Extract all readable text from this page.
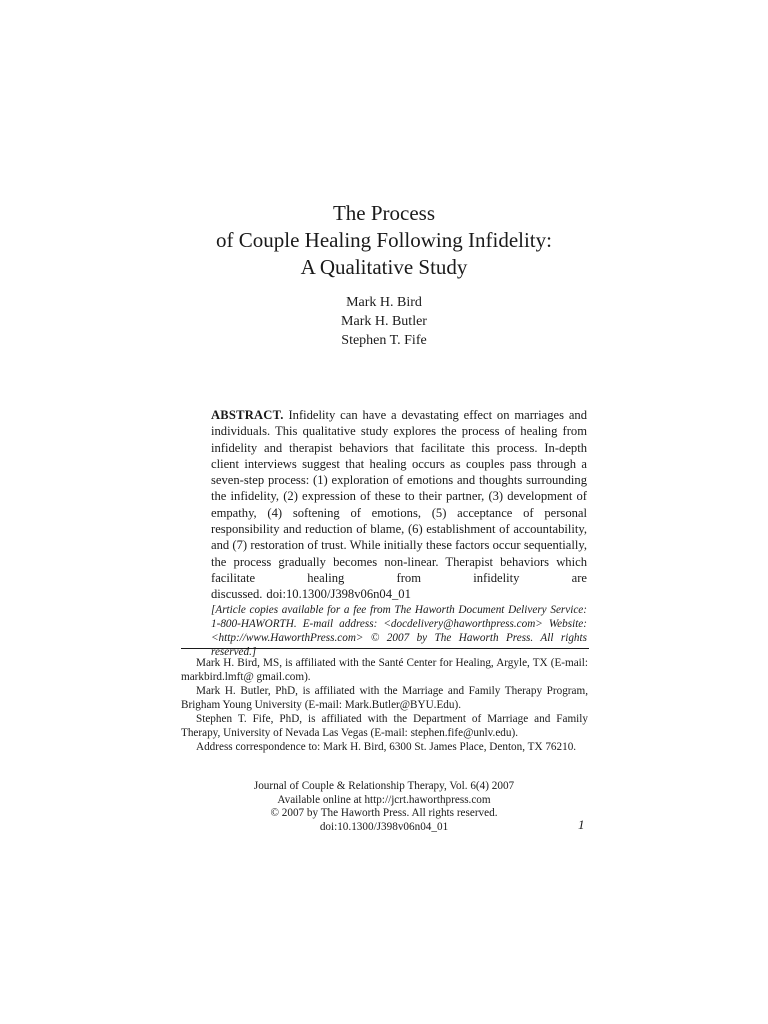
The Process
of Couple Healing Following Infidelity:
A Qualitative Study
Mark H. Bird
Mark H. Butler
Stephen T. Fife
ABSTRACT. Infidelity can have a devastating effect on marriages and individuals. This qualitative study explores the process of healing from infidelity and therapist behaviors that facilitate this process. In-depth client interviews suggest that healing occurs as couples pass through a seven-step process: (1) exploration of emotions and thoughts surrounding the infidelity, (2) expression of these to their partner, (3) development of empathy, (4) softening of emotions, (5) acceptance of personal responsibility and reduction of blame, (6) establishment of accountability, and (7) restoration of trust. While initially these factors occur sequentially, the process gradually becomes non-linear. Therapist behaviors which facilitate healing from infidelity are discussed. doi:10.1300/J398v06n04_01
[Article copies available for a fee from The Haworth Document Delivery Service: 1-800-HAWORTH. E-mail address: <docdelivery@haworthpress.com> Website: <http://www.HaworthPress.com> © 2007 by The Haworth Press. All rights reserved.]

Mark H. Bird, MS, is affiliated with the Santé Center for Healing, Argyle, TX (E-mail: markbird.lmft@ gmail.com).

Mark H. Butler, PhD, is affiliated with the Marriage and Family Therapy Program, Brigham Young University (E-mail: Mark.Butler@BYU.Edu).

Stephen T. Fife, PhD, is affiliated with the Department of Marriage and Family Therapy, University of Nevada Las Vegas (E-mail: stephen.fife@unlv.edu).

Address correspondence to: Mark H. Bird, 6300 St. James Place, Denton, TX 76210.

Journal of Couple & Relationship Therapy, Vol. 6(4) 2007
Available online at http://jcrt.haworthpress.com
© 2007 by The Haworth Press. All rights reserved.
doi:10.1300/J398v06n04_01	1
